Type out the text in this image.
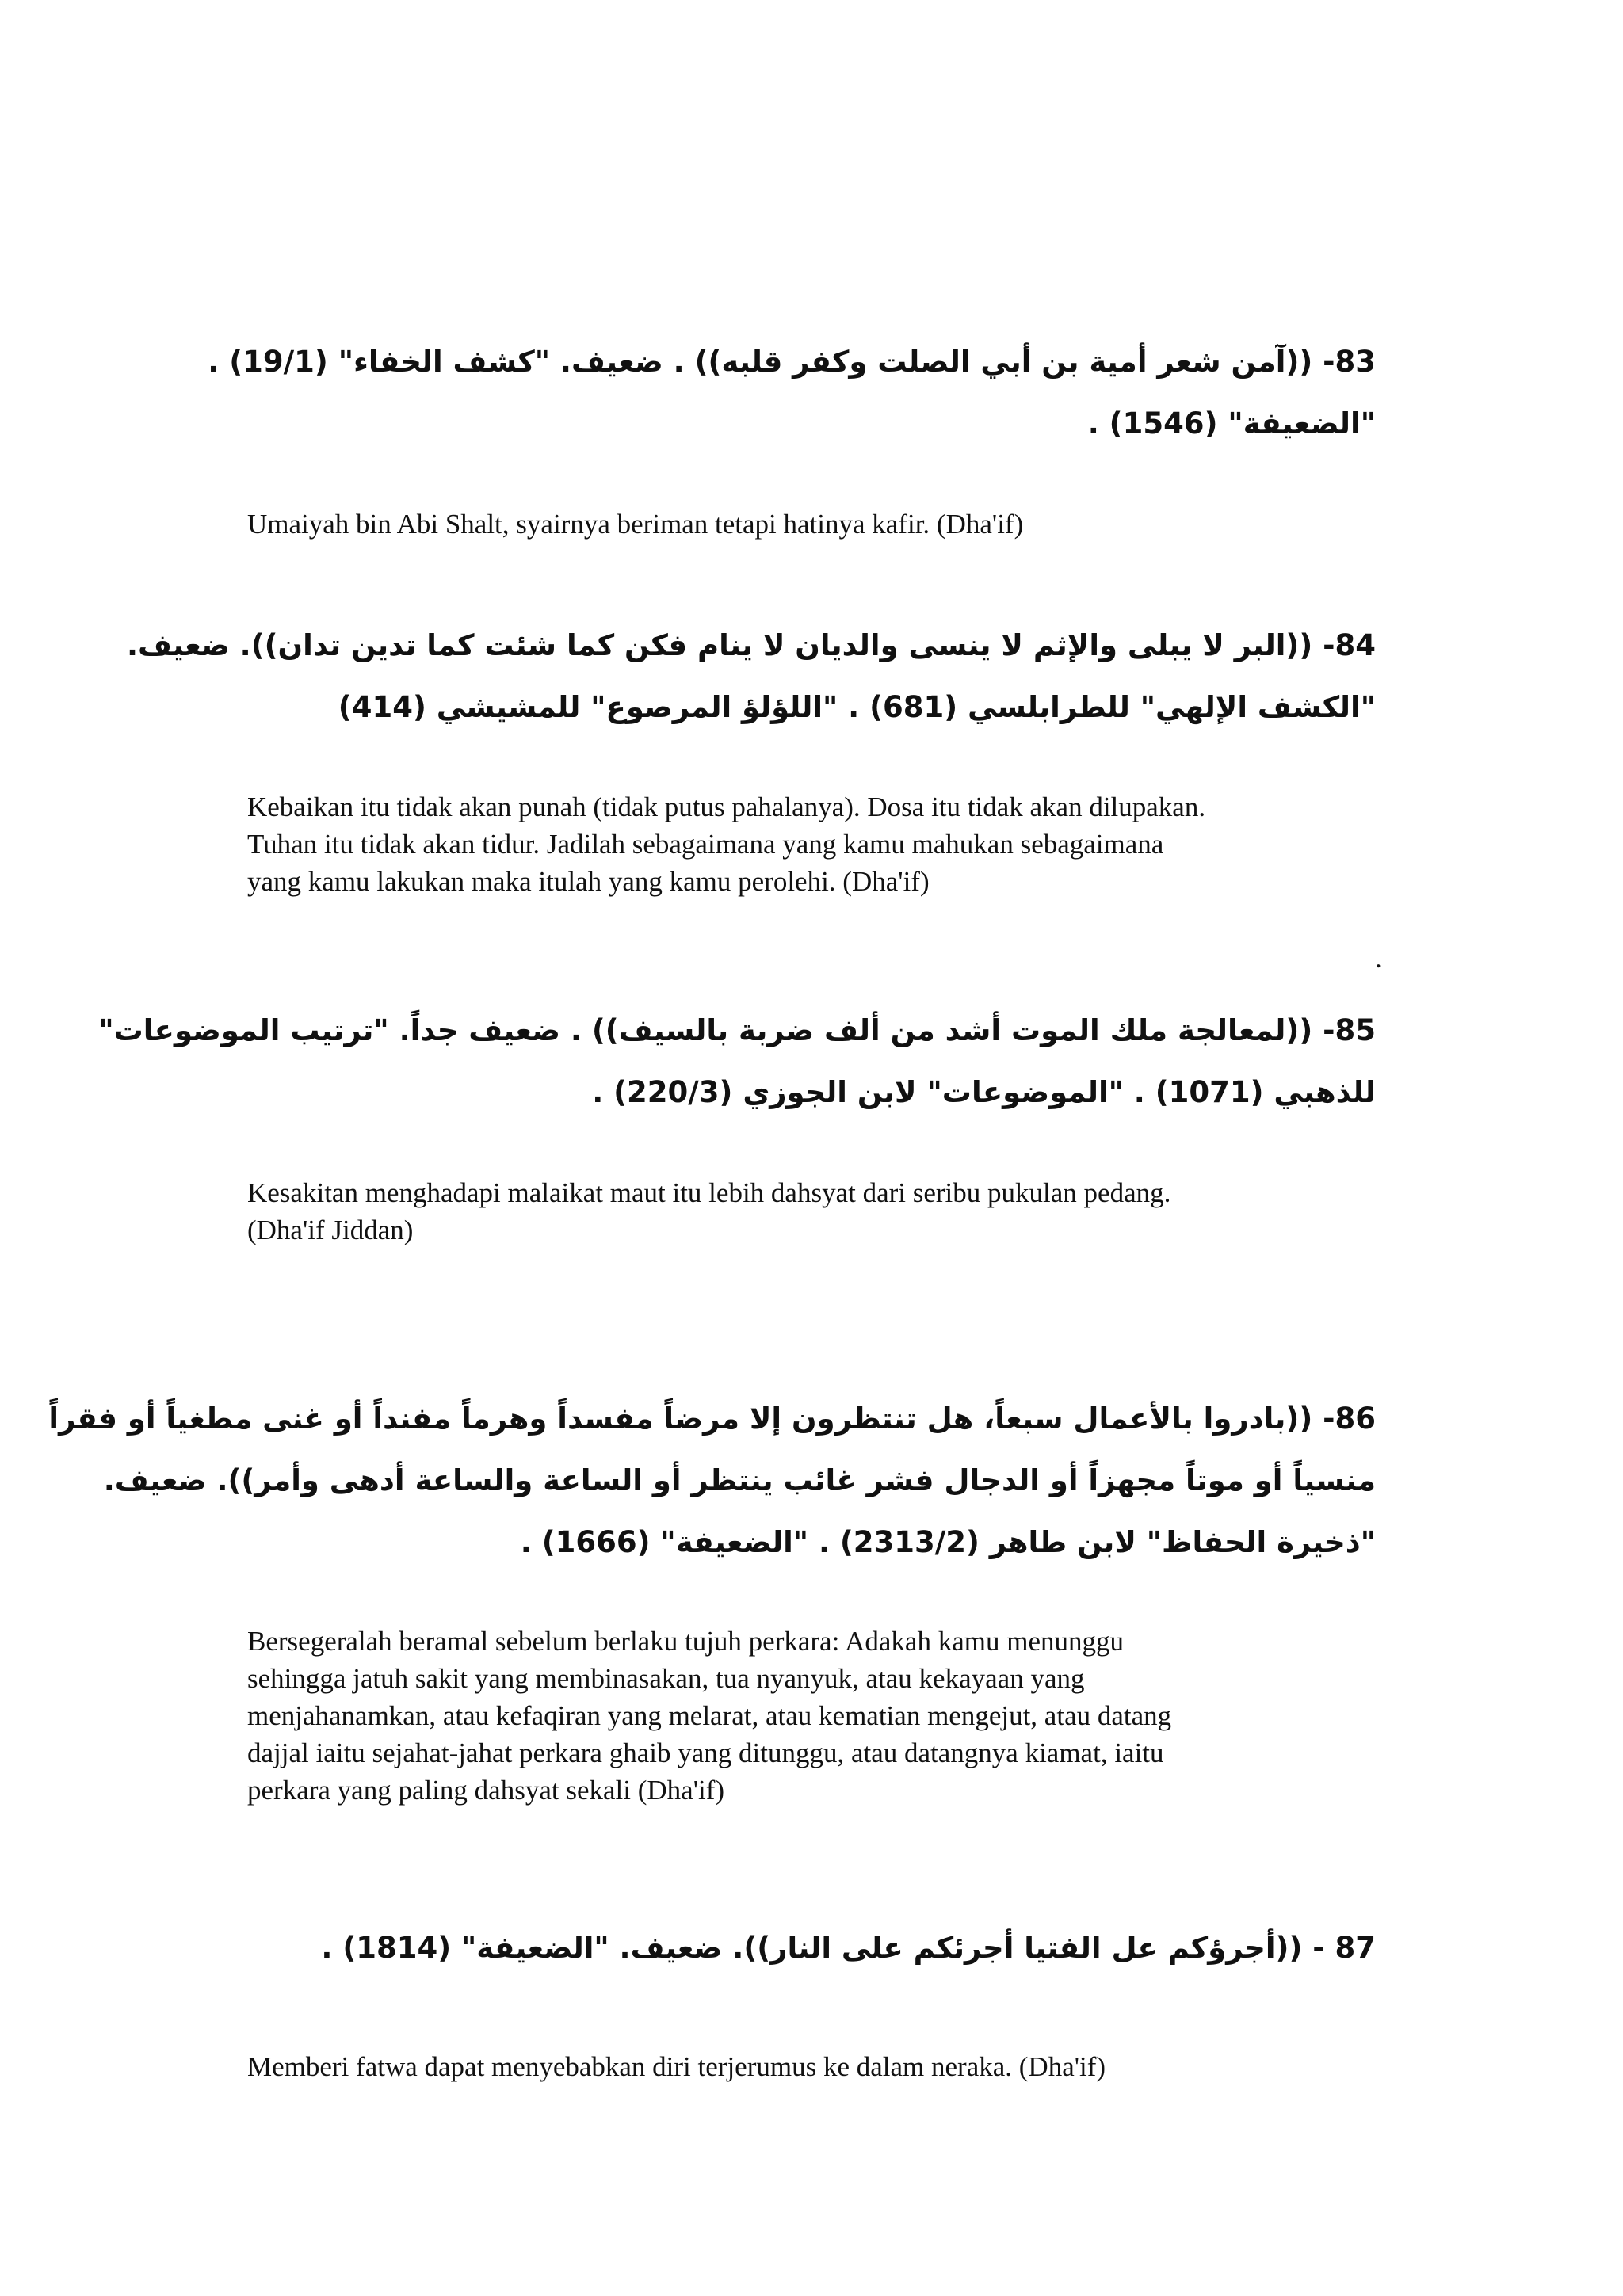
83- ((آمن شعر أمية بن أبي الصلت وكفر قلبه)) . ضعيف. "كشف الخفاء" (19/1) .
"الضعيفة" (1546) .
Umaiyah bin Abi Shalt, syairnya beriman tetapi hatinya kafir. (Dha'if)
84- ((البر لا يبلى والإثم لا ينسى والديان لا ينام فكن كما شئت كما تدين تدان)). ضعيف.
"الكشف الإلهي" للطرابلسي (681) . "اللؤلؤ المرصوع" للمشيشي (414)
Kebaikan itu tidak akan punah (tidak putus pahalanya). Dosa itu tidak akan dilupakan.
Tuhan itu tidak akan tidur. Jadilah sebagaimana yang kamu mahukan sebagaimana
yang kamu lakukan maka itulah yang kamu perolehi. (Dha'if)
.
85- ((لمعالجة ملك الموت أشد من ألف ضربة بالسيف)) . ضعيف جداً. "ترتيب الموضوعات"
للذهبي (1071) . "الموضوعات" لابن الجوزي (220/3) .
Kesakitan menghadapi malaikat maut itu lebih dahsyat dari seribu pukulan pedang.
(Dha'if Jiddan)
86- ((بادروا بالأعمال سبعاً، هل تنتظرون إلا مرضاً مفسداً وهرماً مفنداً أو غنى مطغياً أو فقراً
منسياً أو موتاً مجهزاً أو الدجال فشر غائب ينتظر أو الساعة والساعة أدهى وأمر)). ضعيف.
"ذخيرة الحفاظ" لابن طاهر (2313/2) . "الضعيفة" (1666) .
Bersegeralah beramal sebelum berlaku tujuh perkara: Adakah kamu menunggu
sehingga jatuh sakit yang membinasakan, tua nyanyuk, atau kekayaan yang
menjahanamkan, atau kefaqiran yang melarat, atau kematian mengejut, atau datang
dajjal iaitu sejahat-jahat perkara ghaib yang ditunggu, atau datangnya kiamat, iaitu
perkara yang paling dahsyat sekali (Dha'if)
87 - ((أجرؤكم عل الفتيا أجرئكم على النار)). ضعيف. "الضعيفة" (1814) .
Memberi fatwa dapat menyebabkan diri terjerumus ke dalam neraka. (Dha'if)
